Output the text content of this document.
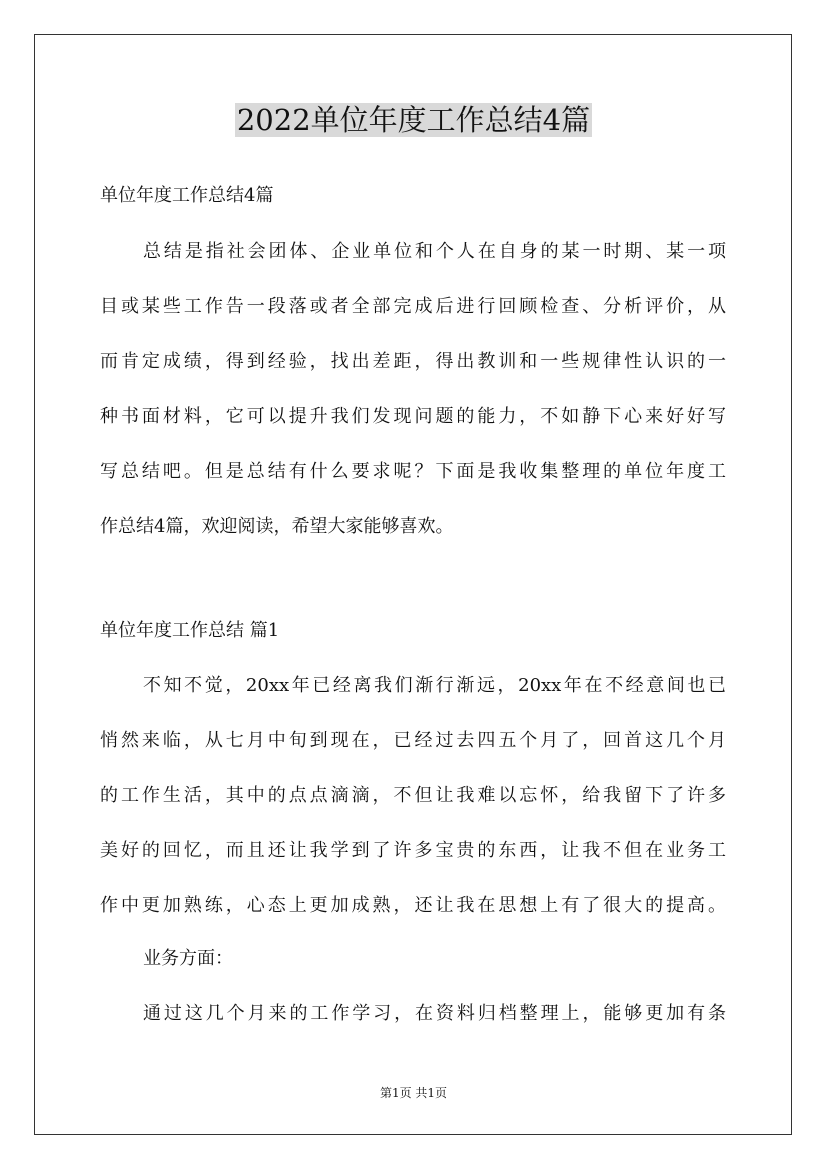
2022单位年度工作总结4篇

单位年度工作总结4篇

总结是指社会团体、企业单位和个人在自身的某一时期、某一项

目或某些工作告一段落或者全部完成后进行回顾检查、分析评价，从

而肯定成绩，得到经验，找出差距，得出教训和一些规律性认识的一

种书面材料，它可以提升我们发现问题的能力，不如静下心来好好写

写总结吧。但是总结有什么要求呢？下面是我收集整理的单位年度工

作总结4篇，欢迎阅读，希望大家能够喜欢。

单位年度工作总结 篇1

不知不觉，20xx年已经离我们渐行渐远，20xx年在不经意间也已

悄然来临，从七月中旬到现在，已经过去四五个月了，回首这几个月

的工作生活，其中的点点滴滴，不但让我难以忘怀，给我留下了许多

美好的回忆，而且还让我学到了许多宝贵的东西，让我不但在业务工

作中更加熟练，心态上更加成熟，还让我在思想上有了很大的提高。

业务方面：

通过这几个月来的工作学习，在资料归档整理上，能够更加有条

第1页 共1页
